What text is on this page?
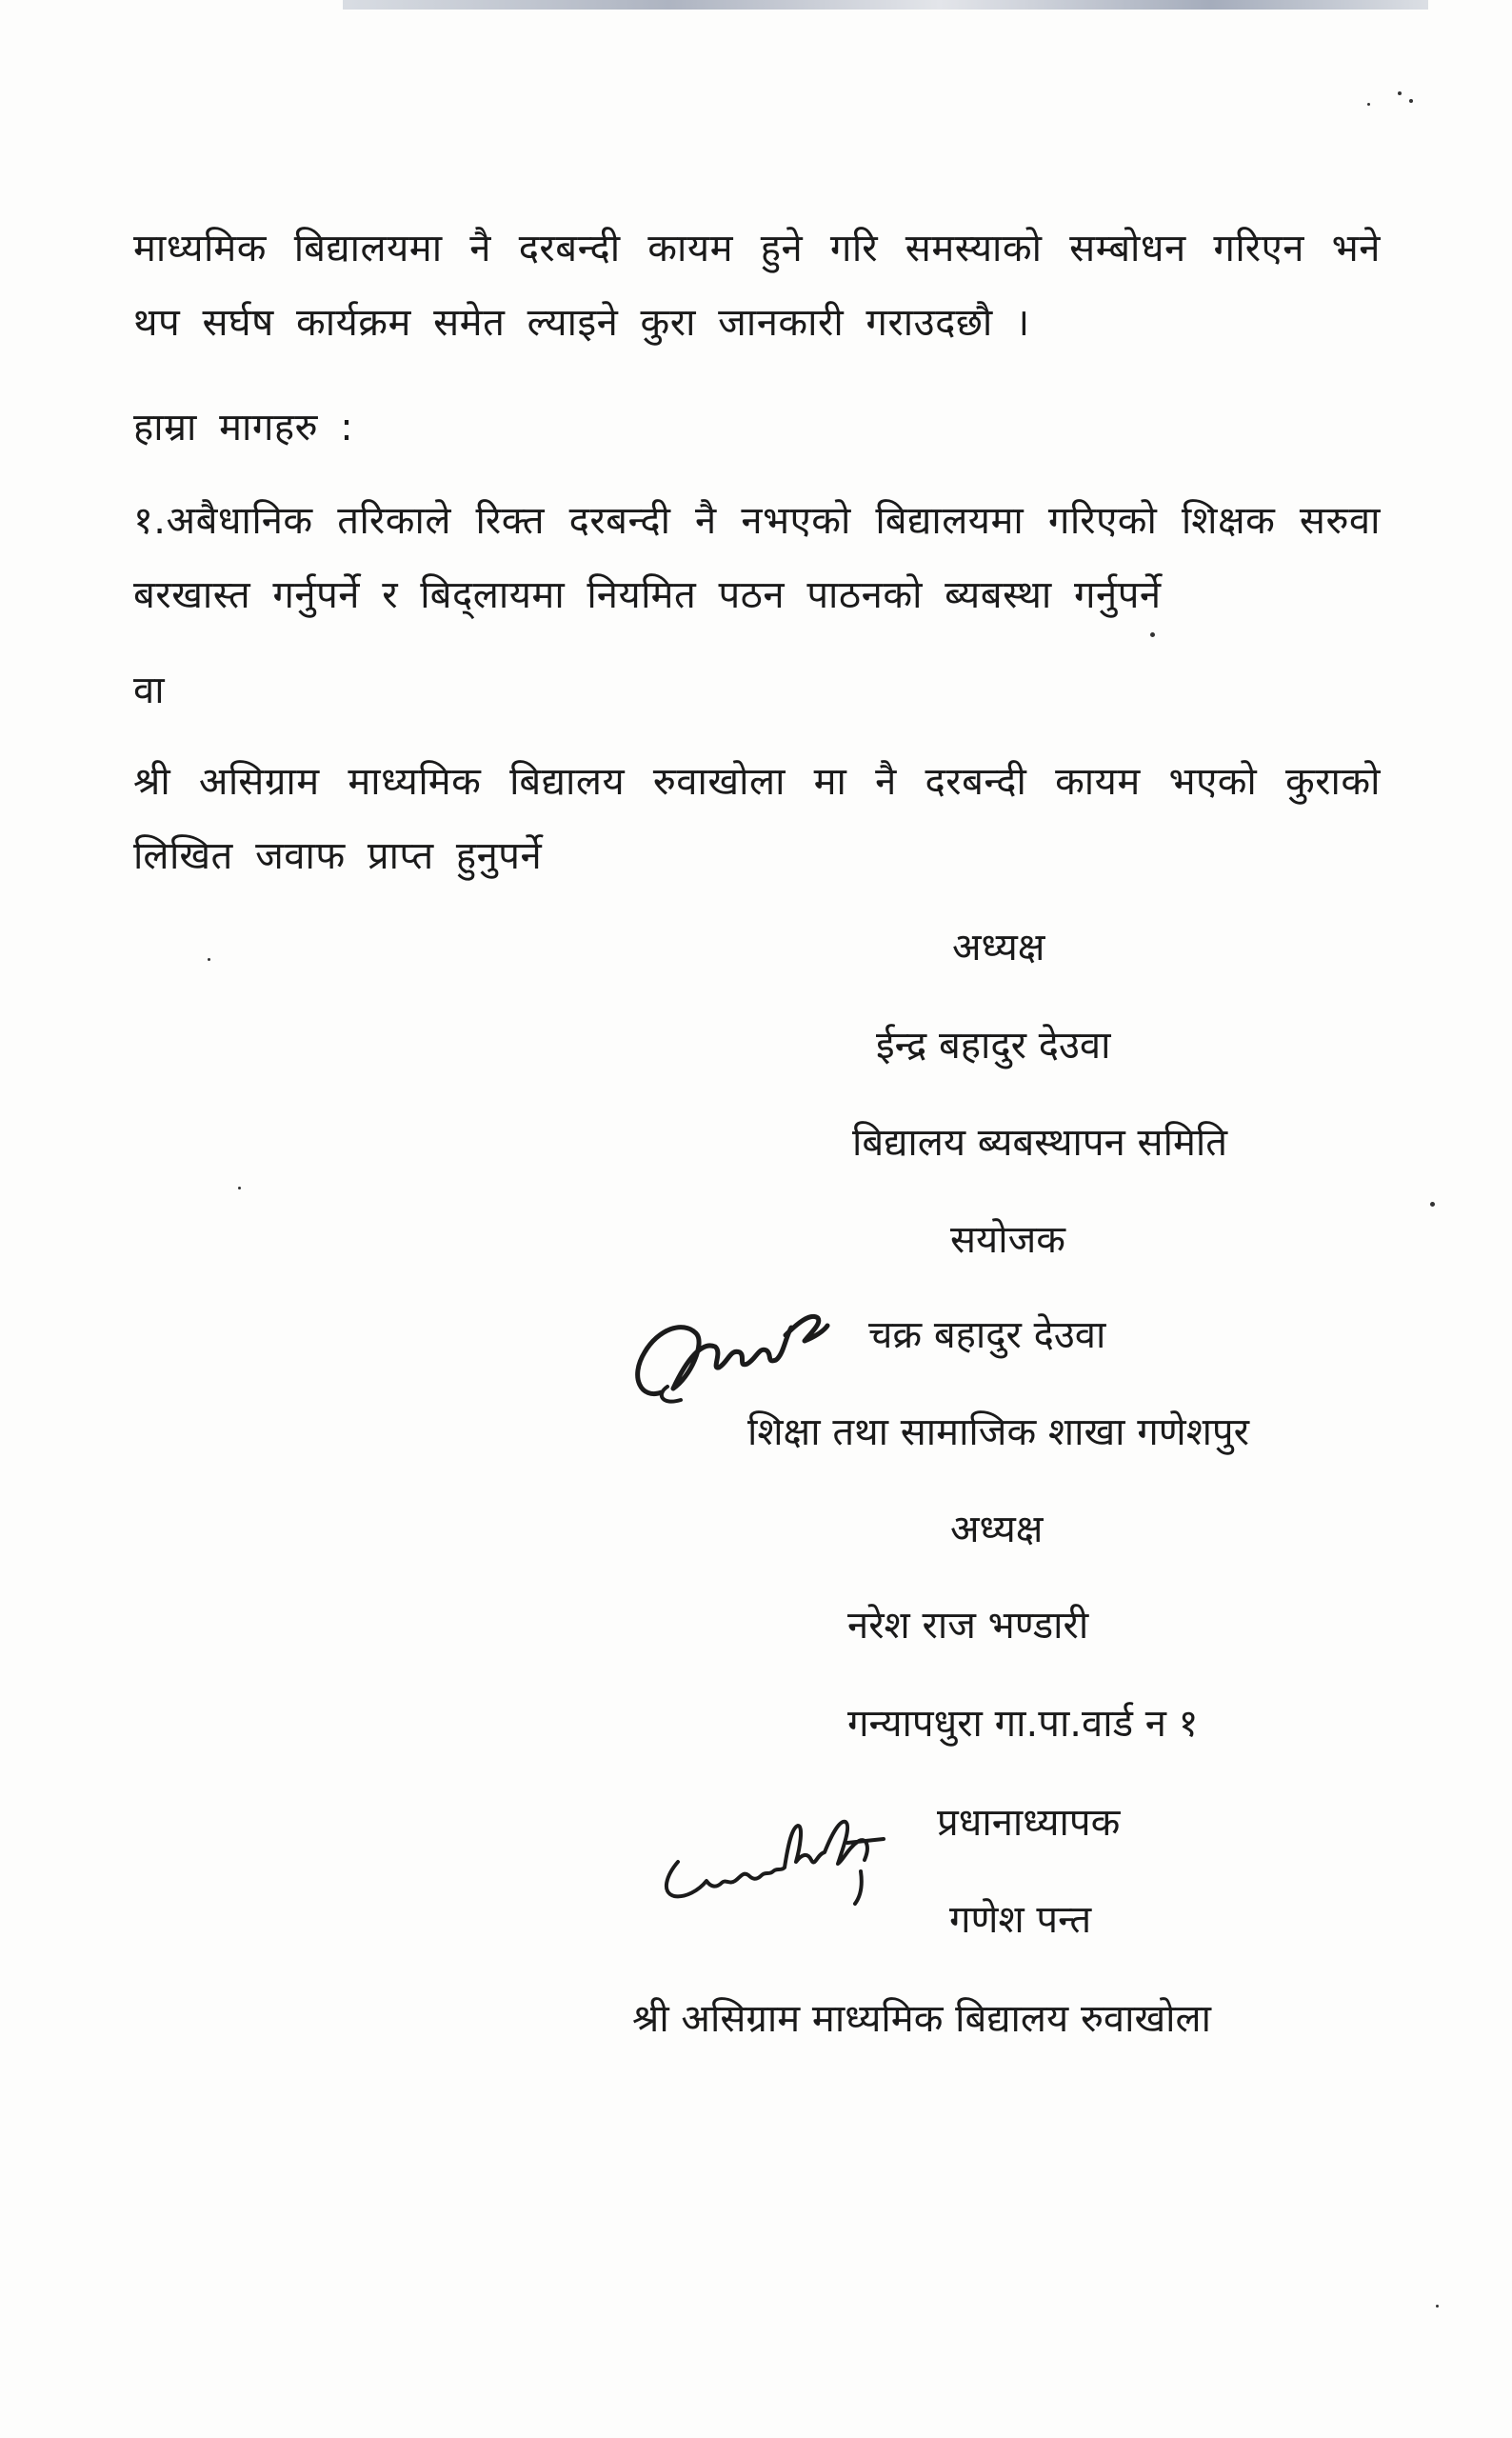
माध्यमिक बिद्यालयमा नै दरबन्दी कायम हुने गरि समस्याको सम्बोधन गरिएन भने थप सर्घष कार्यक्रम समेत ल्याइने कुरा जानकारी गराउदछौ ।
हाम्रा मागहरु :
१.अबैधानिक तरिकाले रिक्त दरबन्दी नै नभएको बिद्यालयमा गरिएको शिक्षक सरुवा बरखास्त गर्नुपर्ने र बिद्लायमा नियमित पठन पाठनको ब्यबस्था गर्नुपर्ने
वा
श्री असिग्राम माध्यमिक बिद्यालय रुवाखोला मा नै दरबन्दी कायम भएको कुराको लिखित जवाफ प्राप्त हुनुपर्ने
अध्यक्ष
ईन्द्र बहादुर देउवा
बिद्यालय ब्यबस्थापन समिति
सयोजक
चक्र बहादुर देउवा
शिक्षा तथा सामाजिक शाखा गणेशपुर
अध्यक्ष
नरेश राज भण्डारी
गन्यापधुरा गा.पा.वार्ड न १
प्रधानाध्यापक
गणेश पन्त
श्री असिग्राम माध्यमिक बिद्यालय रुवाखोला
